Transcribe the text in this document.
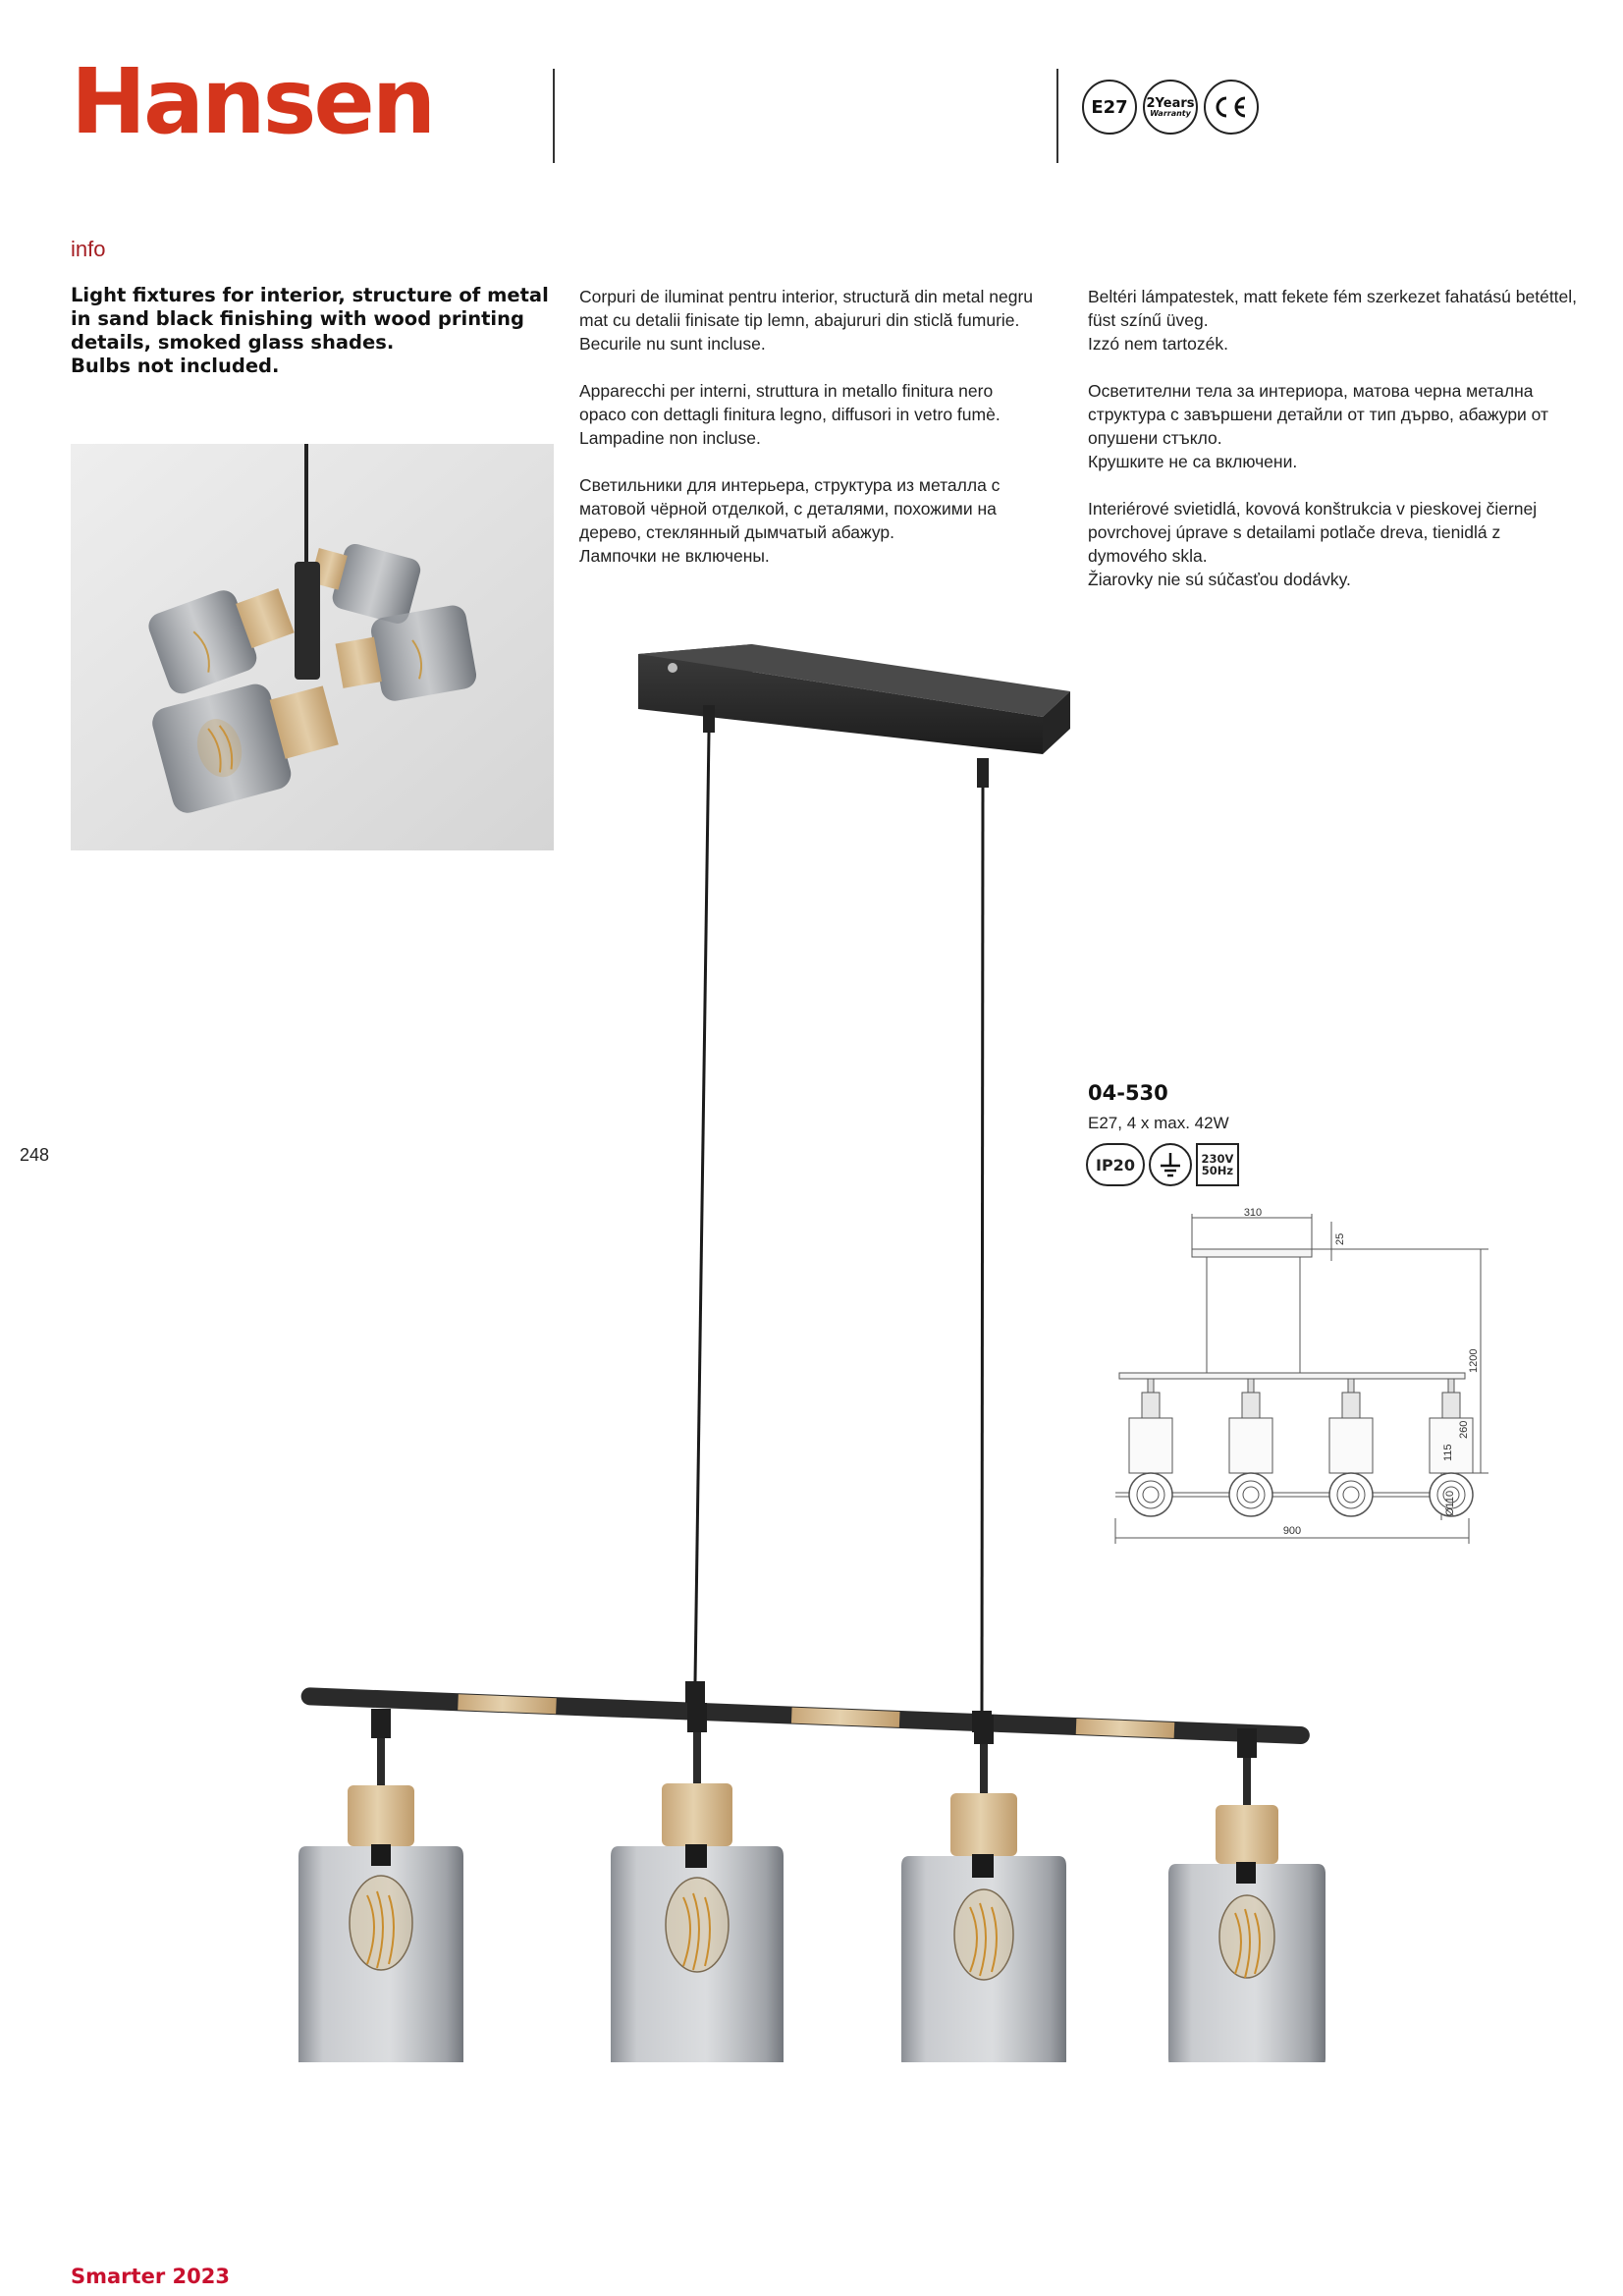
Hansen	E27 2Years
Warranty
info
Light fixtures for interior, structure of metal in sand black finishing with wood printing details, smoked glass shades.
Bulbs not included.

Corpuri de iluminat pentru interior, structură din metal negru mat cu detalii finisate tip lemn, abajururi din sticlă fumurie.
Becurile nu sunt incluse.

Apparecchi per interni, struttura in metallo finitura nero opaco con dettagli finitura legno, diffusori in vetro fumè.
Lampadine non incluse.

Светильники для интерьера, структура из металла с матовой чёрной отделкой, с деталями, похожими на дерево, стеклянный дымчатый абажур.
Лампочки не включены.

Beltéri lámpatestek, matt fekete fém szerkezet fahatású betéttel, füst színű üveg.
Izzó nem tartozék.

Осветителни тела за интериора, матова черна метална структура с завършени детайли от тип дърво, абажури от опушени стъкло.
Крушките не са включени.

Interiérové svietidlá, kovová konštrukcia v pieskovej čiernej povrchovej úprave s detailami potlače dreva, tienidlá z dymového skla.
Žiarovky nie sú súčasťou dodávky.

248
04-530
E27, 4 x max. 42W
IP20	230V
50Hz
310
25
1200
260
115
Ø110
900
Smarter 2023
